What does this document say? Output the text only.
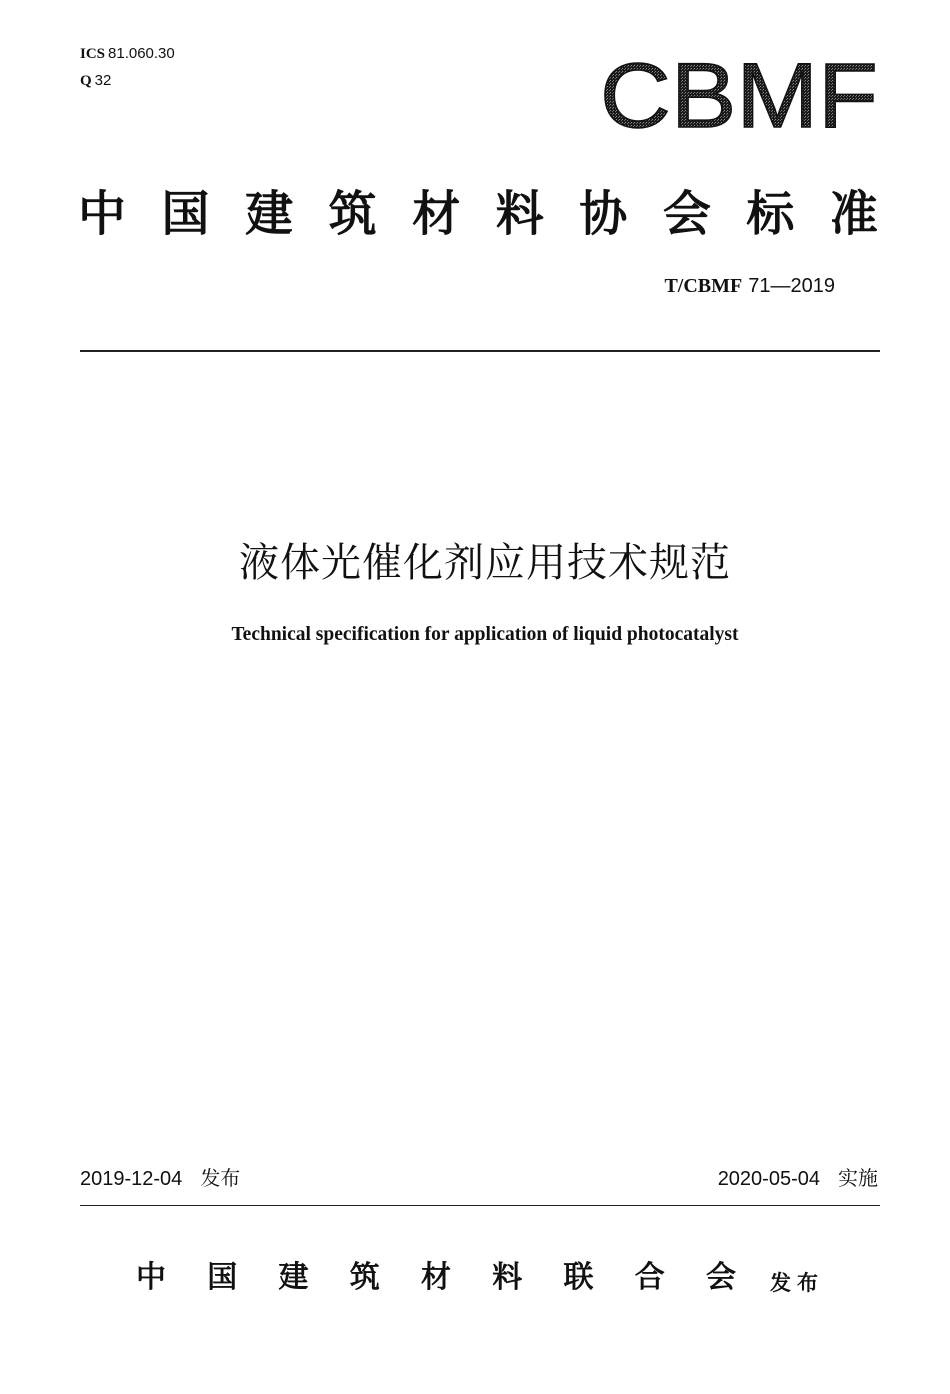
ICS 81.060.30
Q 32	CBMF
中 国 建 筑 材 料 协 会 标 准
T/CBMF 71—2019
液体光催化剂应用技术规范
Technical specification for application of liquid photocatalyst
2019-12-04 发布	2020-05-04 实施
中 国 建 筑 材 料 联 合 会 发布
